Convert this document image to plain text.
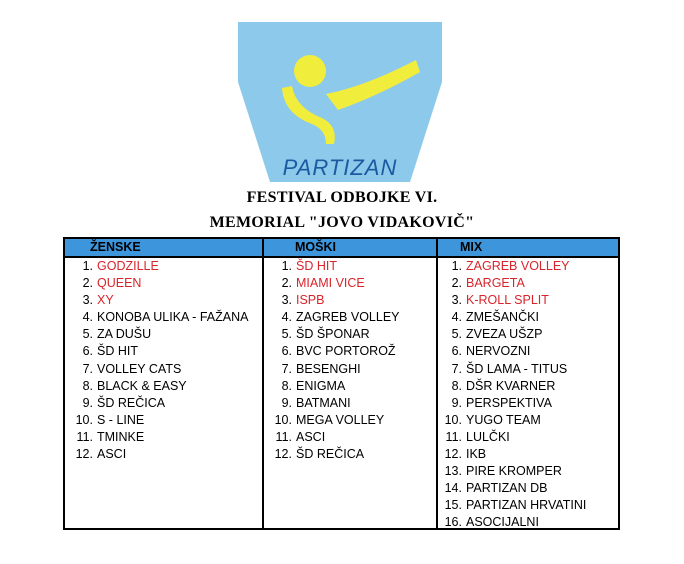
PARTIZAN
FESTIVAL ODBOJKE VI.
MEMORIAL "JOVO VIDAKOVIČ"
ŽENSKE
1. GODZILLE
2. QUEEN
3. XY
4. KONOBA ULIKA - FAŽANA
5. ZA DUŠU
6. ŠD HIT
7. VOLLEY CATS
8. BLACK & EASY
9. ŠD REČICA
10. S - LINE
11. TMINKE
12. ASCI
MOŠKI
1. ŠD HIT
2. MIAMI VICE
3. ISPB
4. ZAGREB VOLLEY
5. ŠD ŠPONAR
6. BVC PORTOROŽ
7. BESENGHI
8. ENIGMA
9. BATMANI
10. MEGA VOLLEY
11. ASCI
12. ŠD REČICA
MIX
1. ZAGREB VOLLEY
2. BARGETA
3. K-ROLL SPLIT
4. ZMEŠANČKI
5. ZVEZA UŠZP
6. NERVOZNI
7. ŠD LAMA - TITUS
8. DŠR KVARNER
9. PERSPEKTIVA
10. YUGO TEAM
11. LULČKI
12. IKB
13. PIRE KROMPER
14. PARTIZAN DB
15. PARTIZAN HRVATINI
16. ASOCIJALNI
